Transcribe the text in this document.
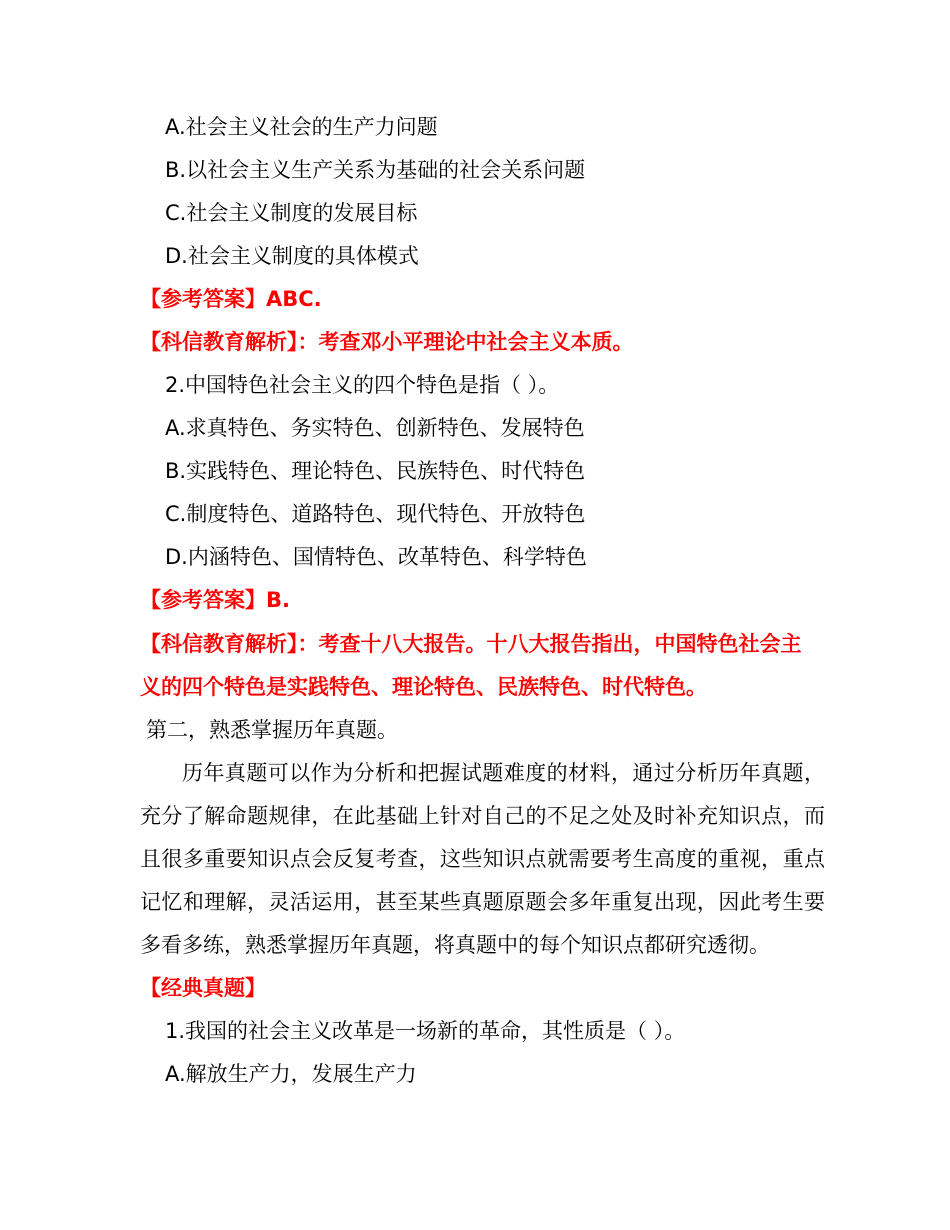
A.社会主义社会的生产力问题
B.以社会主义生产关系为基础的社会关系问题
C.社会主义制度的发展目标
D.社会主义制度的具体模式
【参考答案】ABC.
【科信教育解析】：考查邓小平理论中社会主义本质。
2.中国特色社会主义的四个特色是指（ ）。
A.求真特色、务实特色、创新特色、发展特色
B.实践特色、理论特色、民族特色、时代特色
C.制度特色、道路特色、现代特色、开放特色
D.内涵特色、国情特色、改革特色、科学特色
【参考答案】B.
【科信教育解析】：考查十八大报告。十八大报告指出，中国特色社会主
义的四个特色是实践特色、理论特色、民族特色、时代特色。
第二，熟悉掌握历年真题。
历年真题可以作为分析和把握试题难度的材料，通过分析历年真题，充分了解命题规律，在此基础上针对自己的不足之处及时补充知识点，而且很多重要知识点会反复考查，这些知识点就需要考生高度的重视，重点记忆和理解，灵活运用，甚至某些真题原题会多年重复出现，因此考生要多看多练，熟悉掌握历年真题，将真题中的每个知识点都研究透彻。
【经典真题】
1.我国的社会主义改革是一场新的革命，其性质是（ ）。
A.解放生产力，发展生产力
